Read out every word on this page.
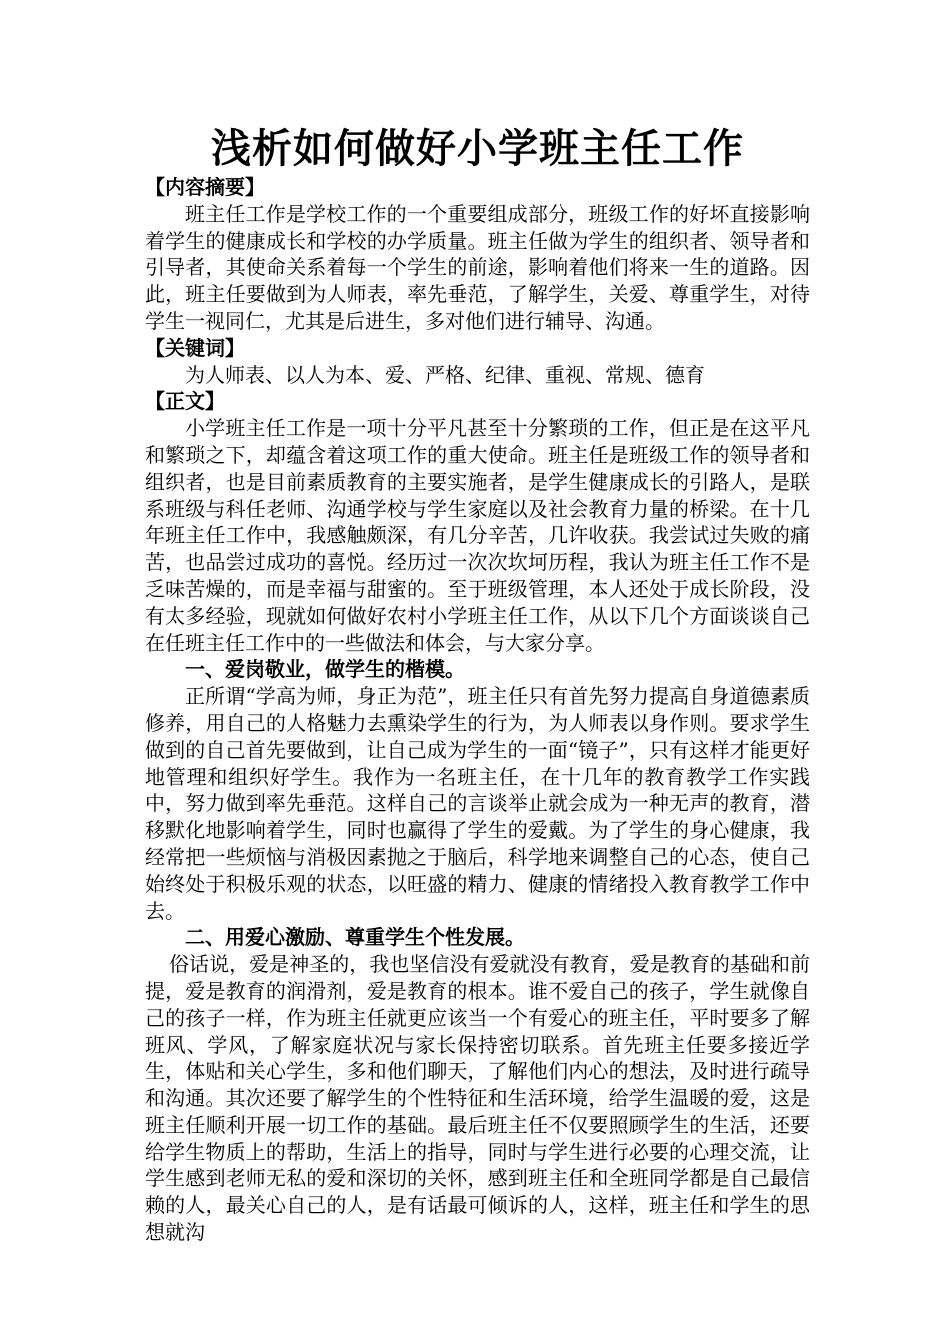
浅析如何做好小学班主任工作

【内容摘要】

班主任工作是学校工作的一个重要组成部分，班级工作的好坏直接影响着学生的健康成长和学校的办学质量。班主任做为学生的组织者、领导者和引导者，其使命关系着每一个学生的前途，影响着他们将来一生的道路。因此，班主任要做到为人师表，率先垂范，了解学生，关爱、尊重学生，对待学生一视同仁，尤其是后进生，多对他们进行辅导、沟通。

【关键词】

为人师表、以人为本、爱、严格、纪律、重视、常规、德育

【正文】

小学班主任工作是一项十分平凡甚至十分繁琐的工作，但正是在这平凡和繁琐之下，却蕴含着这项工作的重大使命。班主任是班级工作的领导者和组织者，也是目前素质教育的主要实施者，是学生健康成长的引路人，是联系班级与科任老师、沟通学校与学生家庭以及社会教育力量的桥梁。在十几年班主任工作中，我感触颇深，有几分辛苦，几许收获。我尝试过失败的痛苦，也品尝过成功的喜悦。经历过一次次坎坷历程，我认为班主任工作不是乏味苦燥的，而是幸福与甜蜜的。至于班级管理，本人还处于成长阶段，没有太多经验，现就如何做好农村小学班主任工作，从以下几个方面谈谈自己在任班主任工作中的一些做法和体会，与大家分享。

一、爱岗敬业，做学生的楷模。

正所谓“学高为师，身正为范”，班主任只有首先努力提高自身道德素质修养，用自己的人格魅力去熏染学生的行为，为人师表以身作则。要求学生做到的自己首先要做到，让自己成为学生的一面“镜子”，只有这样才能更好地管理和组织好学生。我作为一名班主任，在十几年的教育教学工作实践中，努力做到率先垂范。这样自己的言谈举止就会成为一种无声的教育，潜移默化地影响着学生，同时也赢得了学生的爱戴。为了学生的身心健康，我经常把一些烦恼与消极因素抛之于脑后，科学地来调整自己的心态，使自己始终处于积极乐观的状态，以旺盛的精力、健康的情绪投入教育教学工作中去。

二、用爱心激励、尊重学生个性发展。

俗话说，爱是神圣的，我也坚信没有爱就没有教育，爱是教育的基础和前提，爱是教育的润滑剂，爱是教育的根本。谁不爱自己的孩子，学生就像自己的孩子一样，作为班主任就更应该当一个有爱心的班主任，平时要多了解班风、学风，了解家庭状况与家长保持密切联系。首先班主任要多接近学生，体贴和关心学生，多和他们聊天，了解他们内心的想法，及时进行疏导和沟通。其次还要了解学生的个性特征和生活环境，给学生温暖的爱，这是班主任顺利开展一切工作的基础。最后班主任不仅要照顾学生的生活，还要给学生物质上的帮助，生活上的指导，同时与学生进行必要的心理交流，让学生感到老师无私的爱和深切的关怀，感到班主任和全班同学都是自己最信赖的人，最关心自己的人，是有话最可倾诉的人，这样，班主任和学生的思想就沟
